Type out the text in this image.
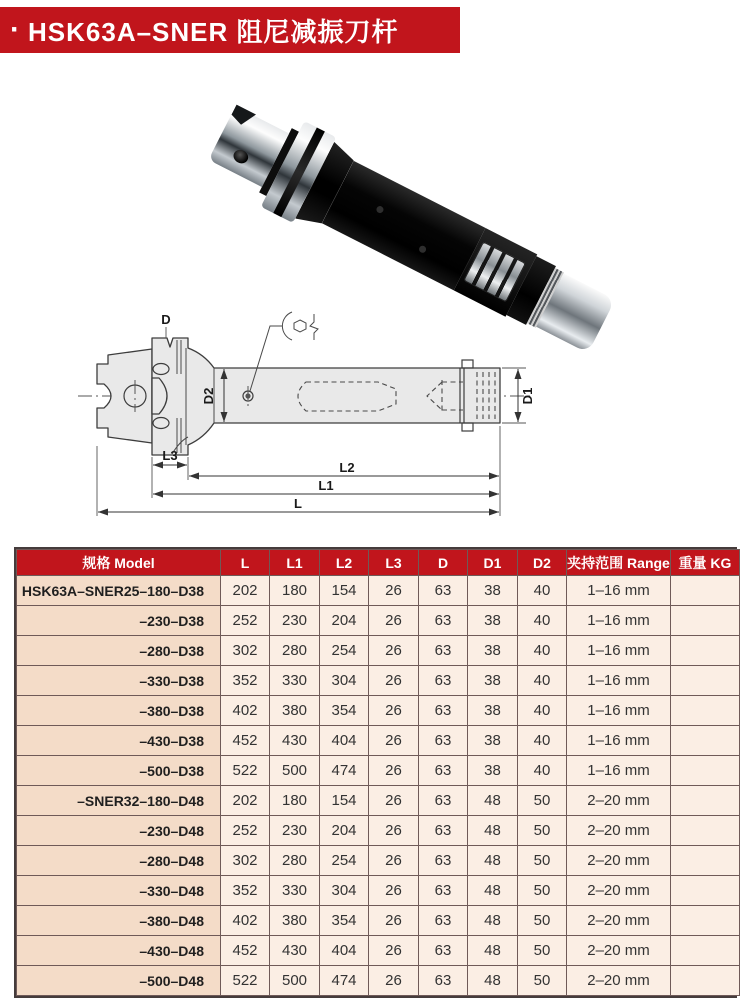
· HSK63A–SNER 阻尼减振刀杆
D
D2	D1
L3
L2
L1
L
规格 Model	L	L1	L2	L3	D	D1	D2	夹持范围 Range	重量 KG
HSK63A–SNER25–180–D38	202	180	154	26	63	38	40	1–16 mm	
–230–D38	252	230	204	26	63	38	40	1–16 mm	
–280–D38	302	280	254	26	63	38	40	1–16 mm	
–330–D38	352	330	304	26	63	38	40	1–16 mm	
–380–D38	402	380	354	26	63	38	40	1–16 mm	
–430–D38	452	430	404	26	63	38	40	1–16 mm	
–500–D38	522	500	474	26	63	38	40	1–16 mm	
–SNER32–180–D48	202	180	154	26	63	48	50	2–20 mm	
–230–D48	252	230	204	26	63	48	50	2–20 mm	
–280–D48	302	280	254	26	63	48	50	2–20 mm	
–330–D48	352	330	304	26	63	48	50	2–20 mm	
–380–D48	402	380	354	26	63	48	50	2–20 mm	
–430–D48	452	430	404	26	63	48	50	2–20 mm	
–500–D48	522	500	474	26	63	48	50	2–20 mm	
